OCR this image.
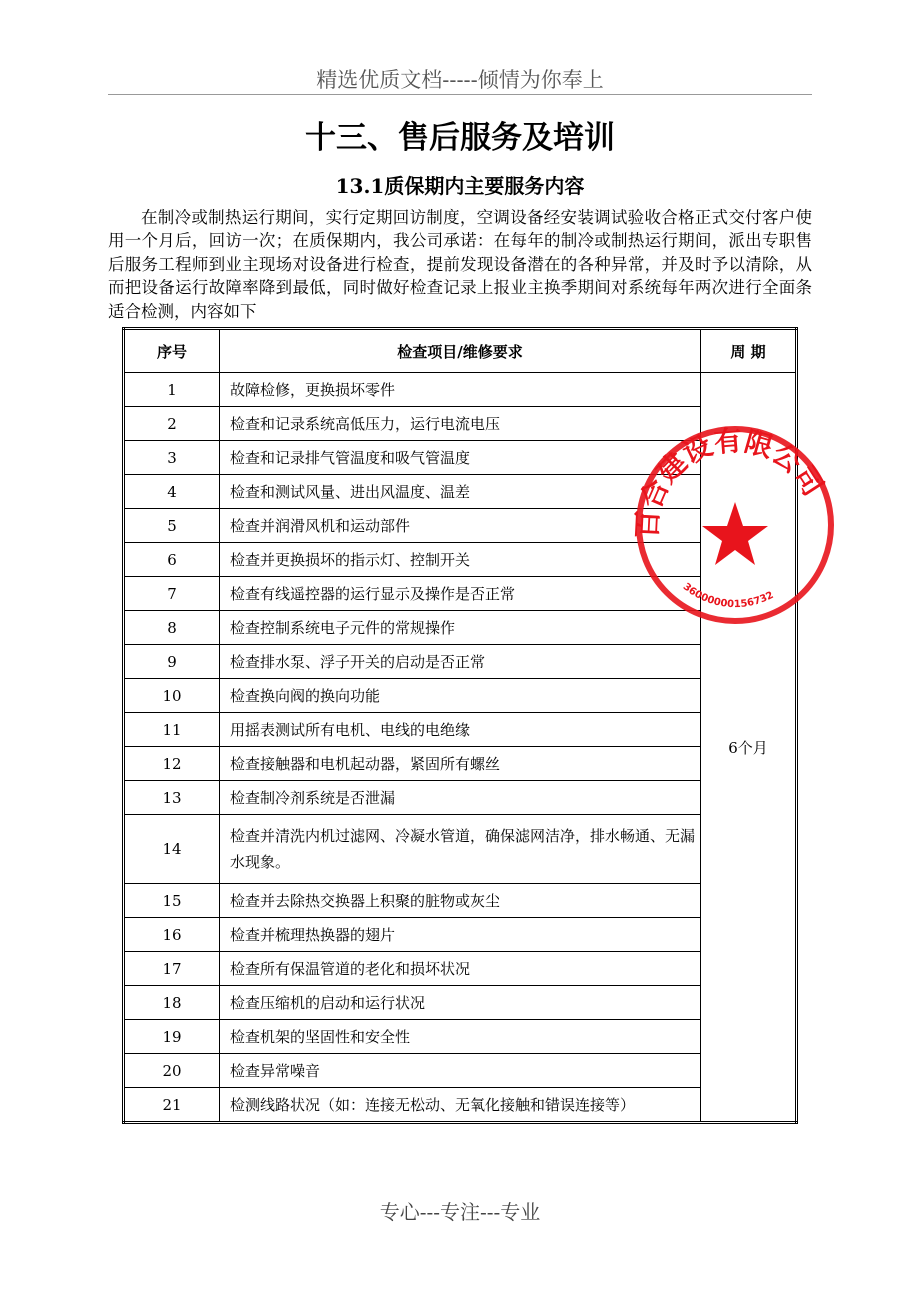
精选优质文档-----倾情为你奉上
十三、售后服务及培训
13.1质保期内主要服务内容
在制冷或制热运行期间，实行定期回访制度，空调设备经安装调试验收合格正式交付客户使用一个月后，回访一次；在质保期内，我公司承诺：在每年的制冷或制热运行期间，派出专职售后服务工程师到业主现场对设备进行检查，提前发现设备潜在的各种异常，并及时予以清除，从而把设备运行故障率降到最低，同时做好检查记录上报业主换季期间对系统每年两次进行全面条适合检测，内容如下
序号	检查项目/维修要求	周 期
1	故障检修，更换损坏零件	6个月
2	检查和记录系统高低压力，运行电流电压	
3	检查和记录排气管温度和吸气管温度	
4	检查和测试风量、进出风温度、温差	
5	检查并润滑风机和运动部件	
6	检查并更换损坏的指示灯、控制开关	
7	检查有线遥控器的运行显示及操作是否正常	
8	检查控制系统电子元件的常规操作	
9	检查排水泵、浮子开关的启动是否正常	
10	检查换向阀的换向功能	
11	用摇表测试所有电机、电线的电绝缘	
12	检查接触器和电机起动器，紧固所有螺丝	
13	检查制冷剂系统是否泄漏	
14	检查并清洗内机过滤网、冷凝水管道，确保滤网洁净，排水畅通、无漏水现象。	
15	检查并去除热交换器上积聚的脏物或灰尘	
16	检查并梳理热换器的翅片	
17	检查所有保温管道的老化和损坏状况	
18	检查压缩机的启动和运行状况	
19	检查机架的坚固性和安全性	
20	检查异常噪音	
21	检测线路状况（如：连接无松动、无氧化接触和错误连接等）	
百合建设有限公司
36000000156732
专心---专注---专业
